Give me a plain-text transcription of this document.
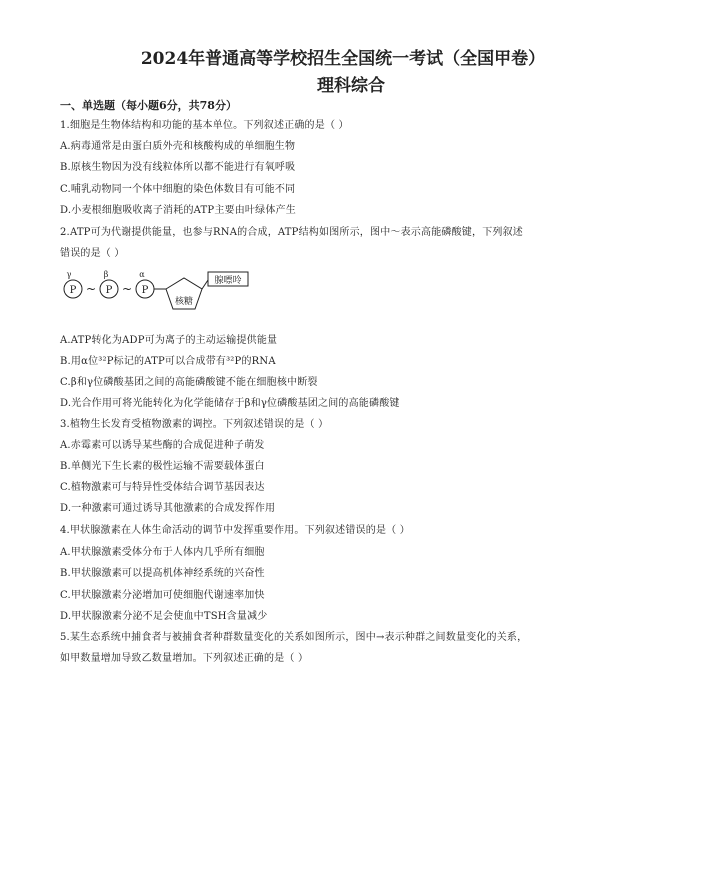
2024年普通高等学校招生全国统一考试（全国甲卷）
理科综合
一、单选题（每小题6分，共78分）
1.细胞是生物体结构和功能的基本单位。下列叙述正确的是（ ）
A.病毒通常是由蛋白质外壳和核酸构成的单细胞生物
B.原核生物因为没有线粒体所以都不能进行有氧呼吸
C.哺乳动物同一个体中细胞的染色体数目有可能不同
D.小麦根细胞吸收离子消耗的ATP主要由叶绿体产生
2.ATP可为代谢提供能量，也参与RNA的合成，ATP结构如图所示，图中～表示高能磷酸键，下列叙述
错误的是（ ）
γ	β	α
P ~ P ~ P
核糖
腺嘌呤
A.ATP转化为ADP可为离子的主动运输提供能量
B.用α位³²P标记的ATP可以合成带有³²P的RNA
C.β和γ位磷酸基团之间的高能磷酸键不能在细胞核中断裂
D.光合作用可将光能转化为化学能储存于β和γ位磷酸基团之间的高能磷酸键
3.植物生长发育受植物激素的调控。下列叙述错误的是（ ）
A.赤霉素可以诱导某些酶的合成促进种子萌发
B.单侧光下生长素的极性运输不需要载体蛋白
C.植物激素可与特异性受体结合调节基因表达
D.一种激素可通过诱导其他激素的合成发挥作用
4.甲状腺激素在人体生命活动的调节中发挥重要作用。下列叙述错误的是（ ）
A.甲状腺激素受体分布于人体内几乎所有细胞
B.甲状腺激素可以提高机体神经系统的兴奋性
C.甲状腺激素分泌增加可使细胞代谢速率加快
D.甲状腺激素分泌不足会使血中TSH含量减少
5.某生态系统中捕食者与被捕食者种群数量变化的关系如图所示，图中→表示种群之间数量变化的关系，
如甲数量增加导致乙数量增加。下列叙述正确的是（ ）
